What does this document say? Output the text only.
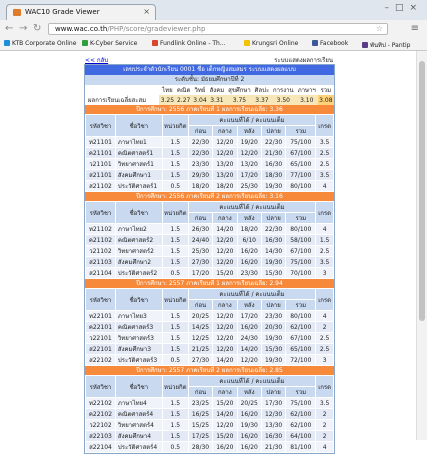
WAC10 Grade Viewer	×	–□×
← → ↻ www.wac.co.th/PHP/score/gradeviewer.php	☆	≡
KTB Corporate Online	K-Cyber Service	Fundlink Online - Th...	Krungsri Online	Facebook	พันทิป - Pantip
<< กลับ	ระบบแสดงผลการเรียน
เลขประจำตัวนักเรียน 0001 ชื่อ เด็กหญิงสมสมร ระบบแสดงผลแบบ
ระดับชั้น: มัธยมศึกษาปีที่ 2
	ไทย	คณิต	วิทย์	สังคม	สุขศึกษา	ศิลปะ	การงาน	ภาษาฯ	รวม
ผลการเรียนเฉลี่ยสะสม	3.25	2.27	3.04	3.31	3.75	3.37	3.50	3.10	3.08
ปีการศึกษา: 2556 ภาคเรียนที่ 1 ผลการเรียนเฉลี่ย: 3.36
รหัสวิชา	ชื่อวิชา	หน่วยกิต	คะแนนที่ได้ / คะแนนเต็ม					เกรด
			ก่อน	กลาง	หลัง	ปลาย	รวม	
ท21101	ภาษาไทย1	1.5	22/30	12/20	19/20	22/30	75/100	3.5
ค21101	คณิตศาสตร์1	1.5	22/30	12/20	12/20	21/30	67/100	2.5
ว21101	วิทยาศาสตร์1	1.5	23/30	13/20	13/20	16/30	65/100	2.5
ส21101	สังคมศึกษา1	1.5	29/30	13/20	17/20	18/30	77/100	3.5
ส21102	ประวัติศาสตร์1	0.5	18/20	18/20	25/30	19/30	80/100	4
ปีการศึกษา: 2556 ภาคเรียนที่ 2 ผลการเรียนเฉลี่ย: 3.16
รหัสวิชา	ชื่อวิชา	หน่วยกิต	คะแนนที่ได้ / คะแนนเต็ม					เกรด
			ก่อน	กลาง	หลัง	ปลาย	รวม	
ท21102	ภาษาไทย2	1.5	26/30	14/20	18/20	22/30	80/100	4
ค21102	คณิตศาสตร์2	1.5	24/40	12/20	6/10	16/30	58/100	1.5
ว21102	วิทยาศาสตร์2	1.5	25/30	12/20	16/20	14/30	67/100	2.5
ส21103	สังคมศึกษา2	1.5	27/30	12/20	16/20	19/30	75/100	3.5
ส21104	ประวัติศาสตร์2	0.5	17/20	15/20	23/30	15/30	70/100	3
ปีการศึกษา: 2557 ภาคเรียนที่ 1 ผลการเรียนเฉลี่ย: 2.94
รหัสวิชา	ชื่อวิชา	หน่วยกิต	คะแนนที่ได้ / คะแนนเต็ม					เกรด
			ก่อน	กลาง	หลัง	ปลาย	รวม	
ท22101	ภาษาไทย3	1.5	20/25	12/20	17/20	23/30	80/100	4
ค22101	คณิตศาสตร์3	1.5	14/25	12/20	16/20	20/30	62/100	2
ว22101	วิทยาศาสตร์3	1.5	12/25	12/20	24/30	19/30	67/100	2.5
ส22101	สังคมศึกษา3	1.5	21/25	12/20	14/20	15/30	65/100	2.5
ส22102	ประวัติศาสตร์3	0.5	27/30	14/20	12/20	19/30	72/100	3
ปีการศึกษา: 2557 ภาคเรียนที่ 2 ผลการเรียนเฉลี่ย: 2.85
รหัสวิชา	ชื่อวิชา	หน่วยกิต	คะแนนที่ได้ / คะแนนเต็ม					เกรด
			ก่อน	กลาง	หลัง	ปลาย	รวม	
ท22102	ภาษาไทย4	1.5	23/25	15/20	20/25	17/30	75/100	3.5
ค22102	คณิตศาสตร์4	1.5	16/25	14/20	16/20	12/30	62/100	2
ว22102	วิทยาศาสตร์4	1.5	15/25	12/20	19/30	13/30	62/100	2
ส22103	สังคมศึกษา4	1.5	17/25	15/20	16/20	16/30	64/100	2
ส22104	ประวัติศาสตร์4	0.5	28/30	16/20	16/20	21/30	81/100	4
